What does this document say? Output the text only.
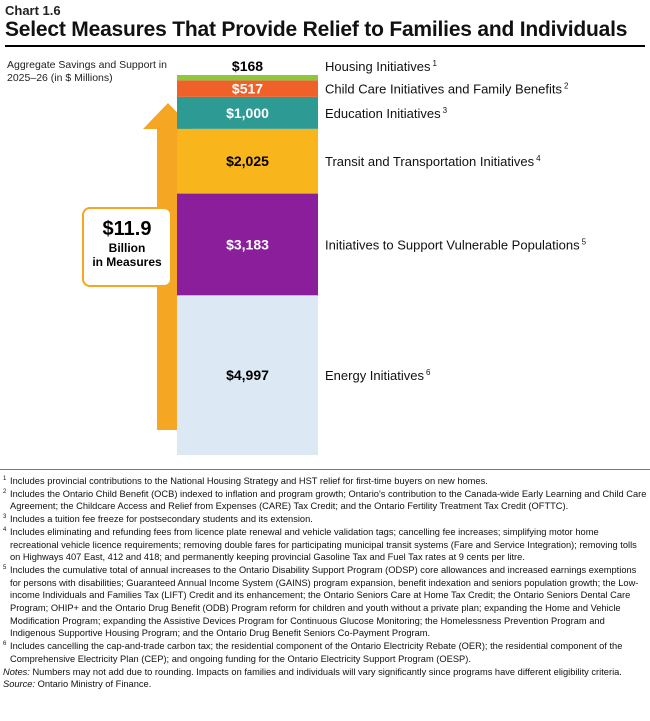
Chart 1.6
Select Measures That Provide Relief to Families and Individuals
Aggregate Savings and Support in 2025–26 (in $ Millions)
$4,997	Energy Initiatives $^6$
$3,183	Initiatives to Support Vulnerable Populations $^5$
$2,025	Transit and Transportation Initiatives $^4$
$1,000	Education Initiatives $^3$
$517	Child Care Initiatives and Family Benefits $^2$
$168	Housing Initiatives $^1$
$11.9
Billion
in Measures
1 Includes provincial contributions to the National Housing Strategy and HST relief for first-time buyers on new homes.
2 Includes the Ontario Child Benefit (OCB) indexed to inflation and program growth; Ontario's contribution to the Canada-wide Early Learning and Child Care Agreement; the Childcare Access and Relief from Expenses (CARE) Tax Credit; and the Ontario Fertility Treatment Tax Credit (OFTTC).
3 Includes a tuition fee freeze for postsecondary students and its extension.
4 Includes eliminating and refunding fees from licence plate renewal and vehicle validation tags; cancelling fee increases; simplifying motor home recreational vehicle licence requirements; removing double fares for participating municipal transit systems (Fare and Service Integration); removing tolls on Highways 407 East, 412 and 418; and permanently keeping provincial Gasoline Tax and Fuel Tax rates at 9 cents per litre.
5 Includes the cumulative total of annual increases to the Ontario Disability Support Program (ODSP) core allowances and increased earnings exemptions for persons with disabilities; Guaranteed Annual Income System (GAINS) program expansion, benefit indexation and seniors population growth; the Low-income Individuals and Families Tax (LIFT) Credit and its enhancement; the Ontario Seniors Care at Home Tax Credit; the Ontario Seniors Dental Care Program; OHIP+ and the Ontario Drug Benefit (ODB) Program reform for children and youth without a private plan; expanding the Home and Vehicle Modification Program; expanding the Assistive Devices Program for Continuous Glucose Monitoring; the Homelessness Prevention Program and Indigenous Supportive Housing Program; and the Ontario Drug Benefit Seniors Co-Payment Program.
6 Includes cancelling the cap-and-trade carbon tax; the residential component of the Ontario Electricity Rebate (OER); the residential component of the Comprehensive Electricity Plan (CEP); and ongoing funding for the Ontario Electricity Support Program (OESP).
Notes: Numbers may not add due to rounding. Impacts on families and individuals will vary significantly since programs have different eligibility criteria.
Source: Ontario Ministry of Finance.
